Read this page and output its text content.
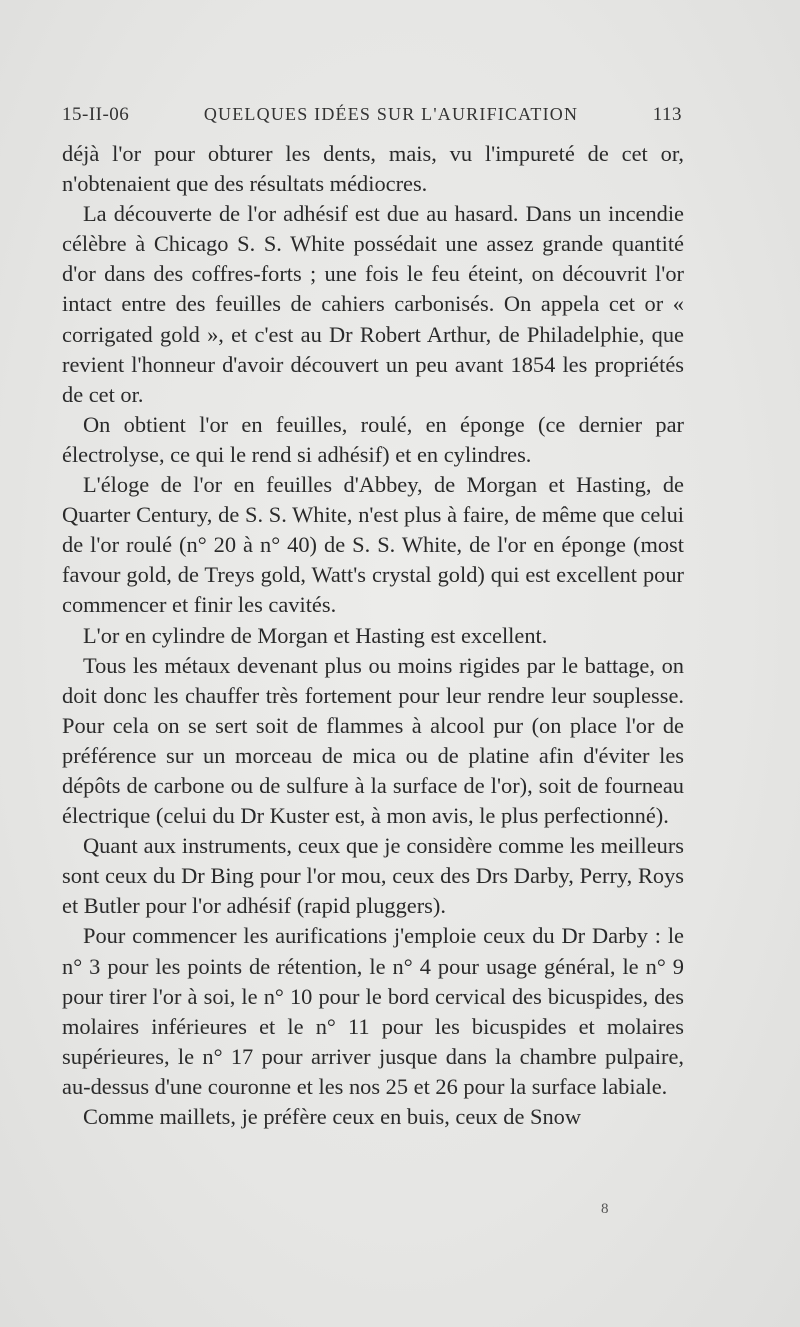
15-II-06	QUELQUES IDÉES SUR L'AURIFICATION	113

déjà l'or pour obturer les dents, mais, vu l'impureté de cet or, n'obtenaient que des résultats médiocres.

La découverte de l'or adhésif est due au hasard. Dans un incendie célèbre à Chicago S. S. White possédait une assez grande quantité d'or dans des coffres-forts ; une fois le feu éteint, on découvrit l'or intact entre des feuilles de cahiers carbonisés. On appela cet or « corrigated gold », et c'est au Dr Robert Arthur, de Philadelphie, que revient l'honneur d'avoir découvert un peu avant 1854 les propriétés de cet or.

On obtient l'or en feuilles, roulé, en éponge (ce dernier par électrolyse, ce qui le rend si adhésif) et en cylindres.

L'éloge de l'or en feuilles d'Abbey, de Morgan et Hasting, de Quarter Century, de S. S. White, n'est plus à faire, de même que celui de l'or roulé (n° 20 à n° 40) de S. S. White, de l'or en éponge (most favour gold, de Treys gold, Watt's crystal gold) qui est excellent pour commencer et finir les cavités.

L'or en cylindre de Morgan et Hasting est excellent.

Tous les métaux devenant plus ou moins rigides par le battage, on doit donc les chauffer très fortement pour leur rendre leur souplesse. Pour cela on se sert soit de flammes à alcool pur (on place l'or de préférence sur un morceau de mica ou de platine afin d'éviter les dépôts de carbone ou de sulfure à la surface de l'or), soit de fourneau électrique (celui du Dr Kuster est, à mon avis, le plus perfectionné).

Quant aux instruments, ceux que je considère comme les meilleurs sont ceux du Dr Bing pour l'or mou, ceux des Drs Darby, Perry, Roys et Butler pour l'or adhésif (rapid pluggers).

Pour commencer les aurifications j'emploie ceux du Dr Darby : le n° 3 pour les points de rétention, le n° 4 pour usage général, le n° 9 pour tirer l'or à soi, le n° 10 pour le bord cervical des bicuspides, des molaires inférieures et le n° 11 pour les bicuspides et molaires supérieures, le n° 17 pour arriver jusque dans la chambre pulpaire, au-dessus d'une couronne et les nos 25 et 26 pour la surface labiale.

Comme maillets, je préfère ceux en buis, ceux de Snow

8
